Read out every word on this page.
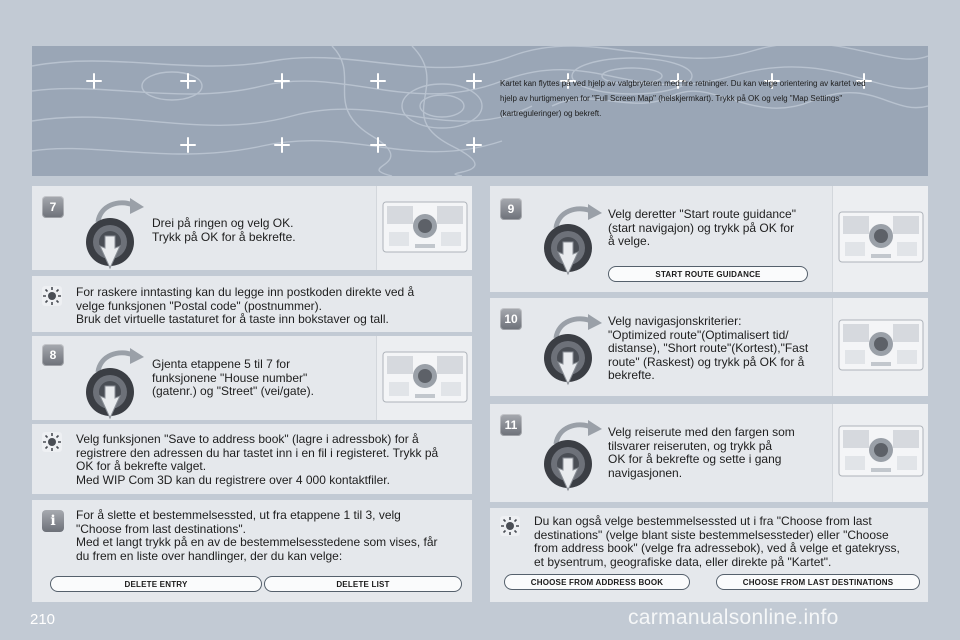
Kartet kan flyttes på ved hjelp av valgbryteren med fire retninger. Du kan velge orientering av kartet ved hjelp av hurtigmenyen for "Full Screen Map" (helskjermkart). Trykk på OK og velg "Map Settings" (kartreguleringer) og bekreft.
7
Drei på ringen og velg OK.
Trykk på OK for å bekrefte.
For raskere inntasting kan du legge inn postkoden direkte ved å
velge funksjonen "Postal code" (postnummer).
Bruk det virtuelle tastaturet for å taste inn bokstaver og tall.
8
Gjenta etappene 5 til 7 for
funksjonene "House number"
(gatenr.) og "Street" (vei/gate).
Velg funksjonen "Save to address book" (lagre i adressbok) for å
registrere den adressen du har tastet inn i en fil i registeret. Trykk på
OK for å bekrefte valget.
Med WIP Com 3D kan du registrere over 4 000 kontaktfiler.
i	For å slette et bestemmelsessted, ut fra etappene 1 til 3, velg
"Choose from last destinations".
Med et langt trykk på en av de bestemmelsesstedene som vises, får
du frem en liste over handlinger, der du kan velge:
DELETE ENTRY	DELETE LIST
9	Velg deretter "Start route guidance"
(start navigajon) og trykk på OK for
å velge.
START ROUTE GUIDANCE
10	Velg navigasjonskriterier:
"Optimized route"(Optimalisert tid/
distanse), "Short route"(Kortest),"Fast
route" (Raskest) og trykk på OK for å
bekrefte.
11	Velg reiserute med den fargen som
tilsvarer reiseruten, og trykk på
OK for å bekrefte og sette i gang
navigasjonen.
Du kan også velge bestemmelsessted ut i fra "Choose from last
destinations" (velge blant siste bestemmelsessteder) eller "Choose
from address book" (velge fra adressebok), ved å velge et gatekryss,
et bysentrum, geografiske data, eller direkte på "Kartet".
CHOOSE FROM ADDRESS BOOK	CHOOSE FROM LAST DESTINATIONS
210	carmanualsonline.info
